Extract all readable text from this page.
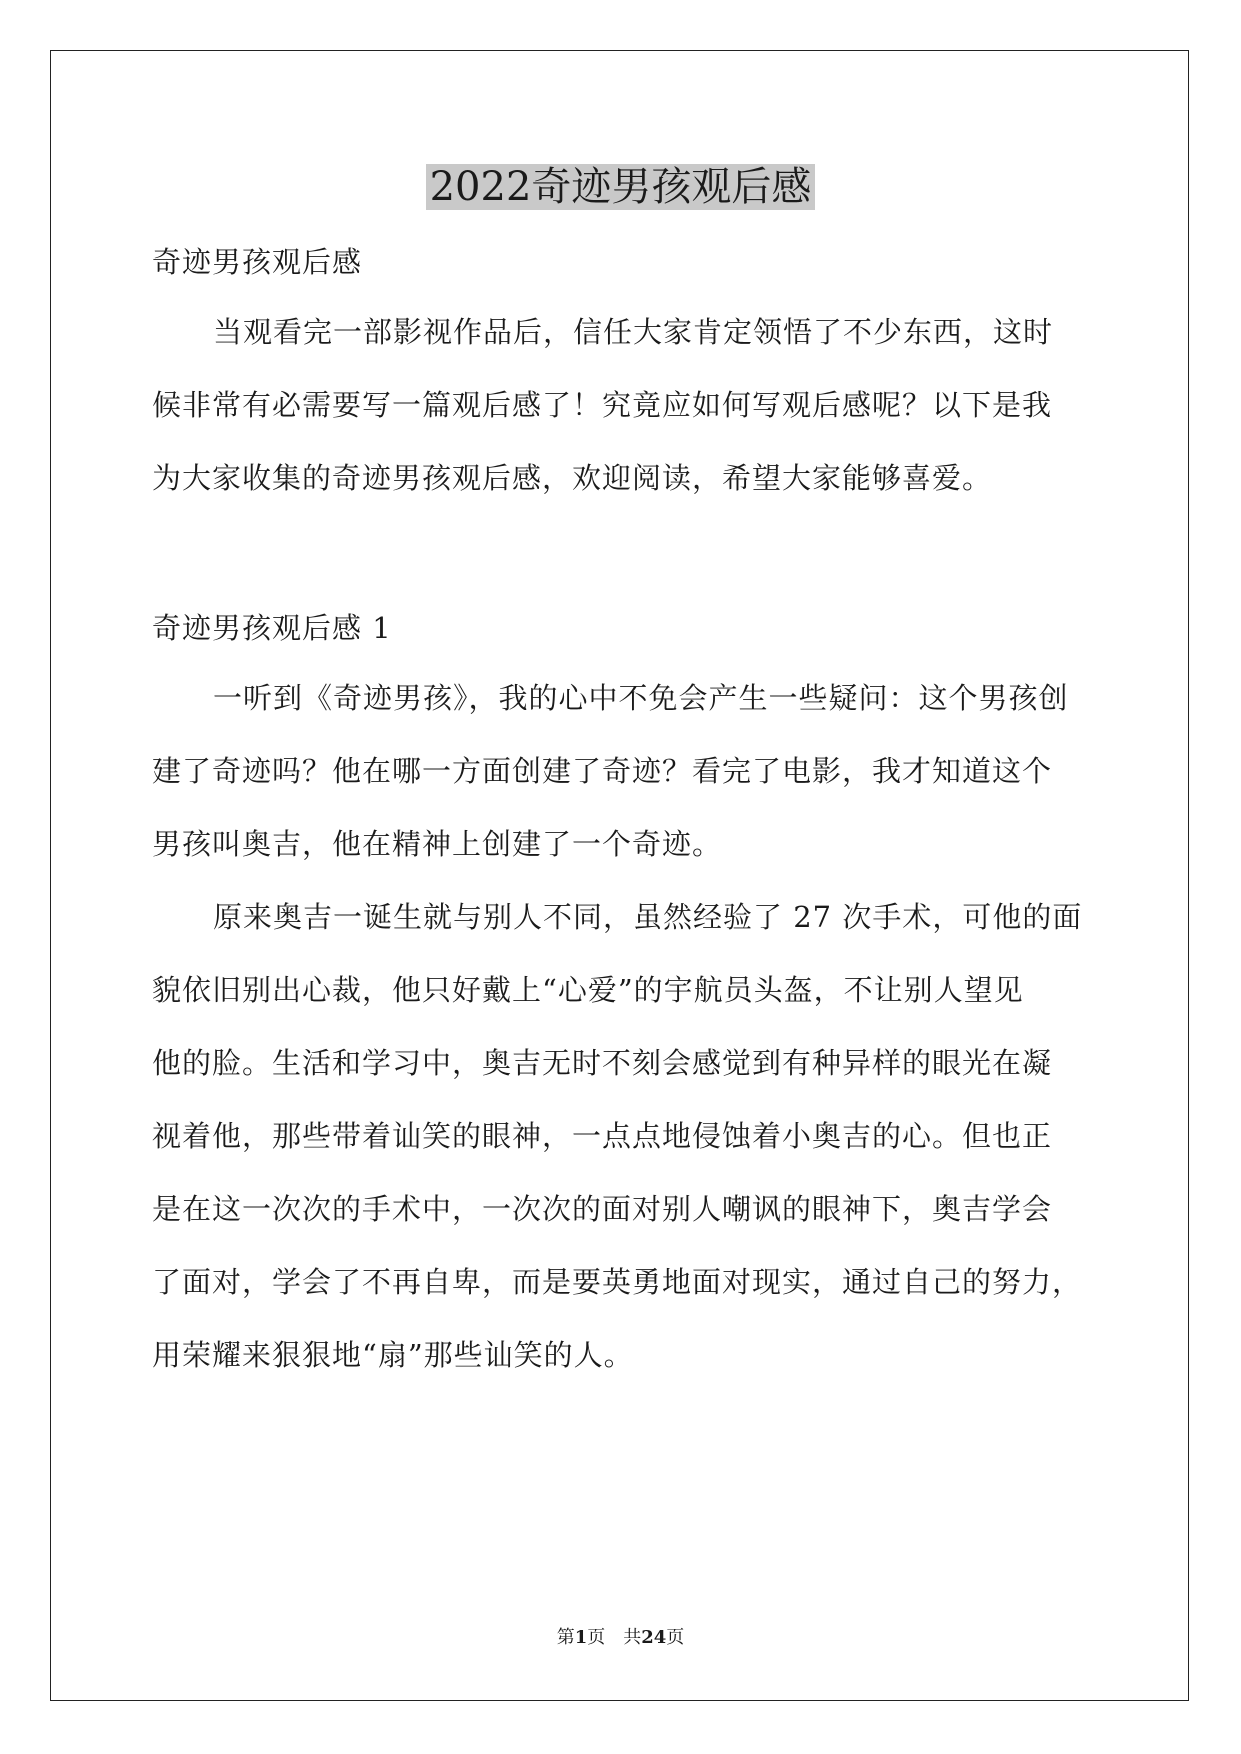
2022奇迹男孩观后感
奇迹男孩观后感
当观看完一部影视作品后，信任大家肯定领悟了不少东西，这时
候非常有必需要写一篇观后感了！究竟应如何写观后感呢？以下是我
为大家收集的奇迹男孩观后感，欢迎阅读，希望大家能够喜爱。
奇迹男孩观后感 1
一听到《奇迹男孩》，我的心中不免会产生一些疑问：这个男孩创
建了奇迹吗？他在哪一方面创建了奇迹？看完了电影，我才知道这个
男孩叫奥吉，他在精神上创建了一个奇迹。
原来奥吉一诞生就与别人不同，虽然经验了 27 次手术，可他的面
貌依旧别出心裁，他只好戴上“心爱”的宇航员头盔，不让别人望见
他的脸。生活和学习中，奥吉无时不刻会感觉到有种异样的眼光在凝
视着他，那些带着讪笑的眼神，一点点地侵蚀着小奥吉的心。但也正
是在这一次次的手术中，一次次的面对别人嘲讽的眼神下，奥吉学会
了面对，学会了不再自卑，而是要英勇地面对现实，通过自己的努力，
用荣耀来狠狠地“扇”那些讪笑的人。
第1页　共24页
